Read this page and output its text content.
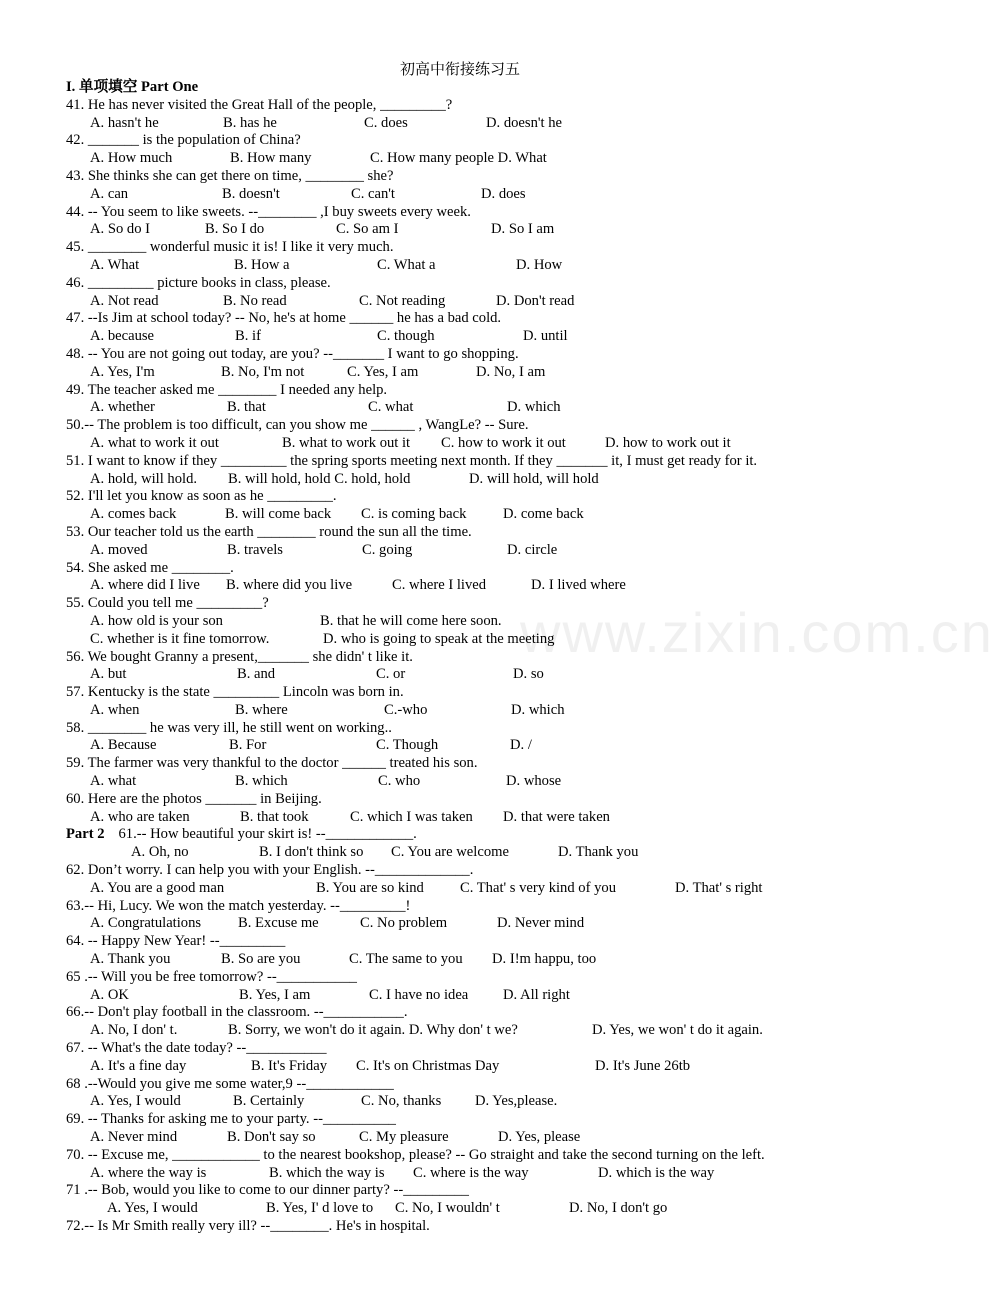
www.zixin.com.cn
初高中衔接练习五
I. 单项填空 Part One
41. He has never visited the Great Hall of the people, _________?
A. hasn't he	B. has he	C. does	D. doesn't he
42. _______ is the population of China?
A. How much	B. How many	C. How many people D. What
43. She thinks she can get there on time, ________ she?
A. can	B. doesn't	C. can't	D. does
44. -- You seem to like sweets. --________ ,I buy sweets every week.
A. So do I	B. So I do	C. So am I	D. So I am
45. ________ wonderful music it is! I like it very much.
A. What	B. How a	C. What a	D. How
46. _________ picture books in class, please.
A. Not read	B. No read	C. Not reading	D. Don't read
47. --Is Jim at school today? -- No, he's at home ______ he has a bad cold.
A. because	B. if	C. though	D. until
48. -- You are not going out today, are you? --_______ I want to go shopping.
A. Yes, I'm	B. No, I'm not	C. Yes, I am	D. No, I am
49. The teacher asked me ________ I needed any help.
A. whether	B. that	C. what	D. which
50.-- The problem is too difficult, can you show me ______ , WangLe? -- Sure.
A. what to work it out	B. what to work out it C. how to work it out	D. how to work out it
51. I want to know if they _________ the spring sports meeting next month. If they _______ it, I must get ready for it.
A. hold, will hold. B. will hold, hold C. hold, hold	D. will hold, will hold
52. I'll let you know as soon as he _________.
A. comes back	B. will come back C. is coming back	D. come back
53. Our teacher told us the earth ________ round the sun all the time.
A. moved	B. travels	C. going	D. circle
54. She asked me ________.
A. where did I live B. where did you live	C. where I lived	D. I lived where
55. Could you tell me _________?
A. how old is your son	B. that he will come here soon.
C. whether is it fine tomorrow.	D. who is going to speak at the meeting
56. We bought Granny a present,_______ she didn' t like it.
A. but	B. and	C. or	D. so
57. Kentucky is the state _________ Lincoln was born in.
A. when	B. where	C.-who	D. which
58. ________ he was very ill, he still went on working..
A. Because	B. For	C. Though	D. /
59. The farmer was very thankful to the doctor ______ treated his son.
A. what	B. which	C. who	D. whose
60. Here are the photos _______ in Beijing.
A. who are taken	B. that took	C. which I was taken D. that were taken
Part 2 61.-- How beautiful your skirt is! --____________.
A. Oh, no	B. I don't think so C. You are welcome	D. Thank you
62. Don’t worry. I can help you with your English. --_____________.
A. You are a good man	B. You are so kind C. That' s very kind of you	D. That' s right
63.-- Hi, Lucy. We won the match yesterday. --_________!
A. Congratulations	B. Excuse me	C. No problem	D. Never mind
64. -- Happy New Year! --_________
A. Thank you	B. So are you	C. The same to you D. I!m happu, too
65 .-- Will you be free tomorrow? --___________
A. OK	B. Yes, I am	C. I have no idea D. All right
66.-- Don't play football in the classroom. --___________.
A. No, I don' t.	B. Sorry, we won't do it again. D. Why don' t we?	D. Yes, we won' t do it again.
67. -- What's the date today? --___________
A. It's a fine day	B. It's Friday C. It's on Christmas Day	D. It's June 26tb
68 .--Would you give me some water,9 --____________
A. Yes, I would	B. Certainly	C. No, thanks D. Yes,please.
69. -- Thanks for asking me to your party. --__________
A. Never mind	B. Don't say so	C. My pleasure	D. Yes, please
70. -- Excuse me, ____________ to the nearest bookshop, please? -- Go straight and take the second turning on the left.
A. where the way is	B. which the way is C. where is the way	D. which is the way
71 .-- Bob, would you like to come to our dinner party? --_________
A. Yes, I would	B. Yes, I' d love to C. No, I wouldn' t	D. No, I don't go
72.-- Is Mr Smith really very ill? --________. He's in hospital.
